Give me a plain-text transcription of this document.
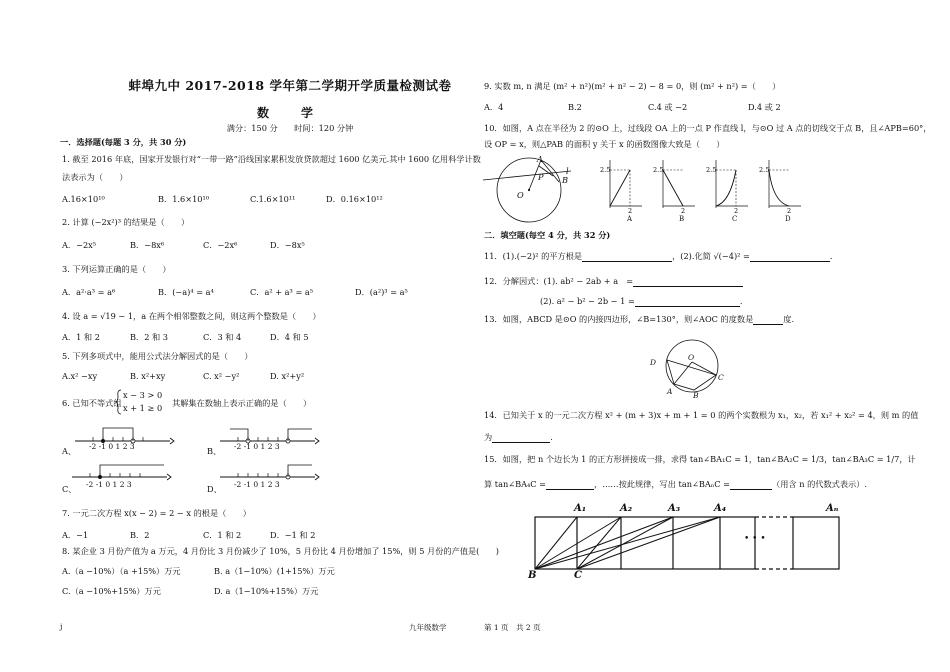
蚌埠九中 2017-2018 学年第二学期开学质量检测试卷
数　学
满分：150 分　　时间：120 分钟
一．选择题(每题 3 分，共 30 分)
1. 截至 2016 年底，国家开发银行对“一带一路”沿线国家累积发放贷款超过 1600 亿美元.其中 1600 亿用科学计数
法表示为（　　）
A.16×10¹⁰	B．1.6×10¹⁰	C.1.6×10¹¹	D．0.16×10¹²
2. 计算 (−2x²)³ 的结果是（　　）
A．−2x⁵	B．−8x⁶	C．−2x⁶	D．−8x⁵
3. 下列运算正确的是（　　）
A．a²·a³ = a⁶	B．(−a)⁴ = a⁴	C．a² + a³ = a⁵	D．(a²)³ = a⁵
4. 设 a = √19 − 1，a 在两个相邻整数之间，则这两个整数是（　　）
A．1 和 2	B．2 和 3	C．3 和 4	D．4 和 5
5. 下列多项式中，能用公式法分解因式的是（　　）
A.x² −xy	B. x²+xy	C. x² −y²	D. x²+y²
6. 已知不等式组
x − 3 > 0
x + 1 ≥ 0 其解集在数轴上表示正确的是（　　）
A、 -2 -1 0 1 2 3	B、 -2 -1 0 1 2 3
C、 -2 -1 0 1 2 3	D、 -2 -1 0 1 2 3
7. 一元二次方程 x(x − 2) = 2 − x 的根是（　　）
A．−1	B．2	C．1 和 2	D．−1 和 2
8. 某企业 3 月份产值为 a 万元，4 月份比 3 月份减少了 10%，5 月份比 4 月份增加了 15%，则 5 月份的产值是(　　)
A.（a −10%）（a +15%）万元	B. a（1−10%）(1+15%）万元
C.（a −10%+15%）万元	D. a（1−10%+15%）万元
9. 实数 m, n 满足 (m² + n²)(m² + n² − 2) − 8 = 0，则 (m² + n²) =（　　）
A．4	B.2	C.4 或 −2	D.4 或 2
10．如图，A 点在半径为 2 的⊙O 上，过线段 OA 上的一点 P 作直线 l，与⊙O 过 A 点的切线交于点 B，且∠APB=60°，
设 OP = x，则△PAB 的面积 y 关于 x 的函数图像大致是（　　）
A
P B
O
l	2.5	2.5	2.5	2.5
2	2	2	2
A	B	C	D
二．填空题(每空 4 分，共 32 分)
11．(1).(−2)² 的平方根是	，(2).化简 √(−4)² =	.
12．分解因式：(1). ab² − 2ab + a　=
(2). a² − b² − 2b − 1 =	.
13．如图，ABCD 是⊙O 的内接四边形，∠B=130°，则∠AOC 的度数是	度.
O
D
A	B
C
14．已知关于 x 的一元二次方程 x² + (m + 3)x + m + 1 = 0 的两个实数根为 x₁，x₂，若 x₁² + x₂² = 4，则 m 的值
为	.
15．如图，把 n 个边长为 1 的正方形拼接成一排，求得 tan∠BA₁C = 1，tan∠BA₂C = 1/3，tan∠BA₃C = 1/7，计
算 tan∠BA₄C =	，……按此规律，写出 tan∠BAₙC =	（用含 n 的代数式表示）.
A₁	A₂	A₃	A₄	Aₙ
B	C
• • •
j	九年级数学	第 1 页　共 2 页
